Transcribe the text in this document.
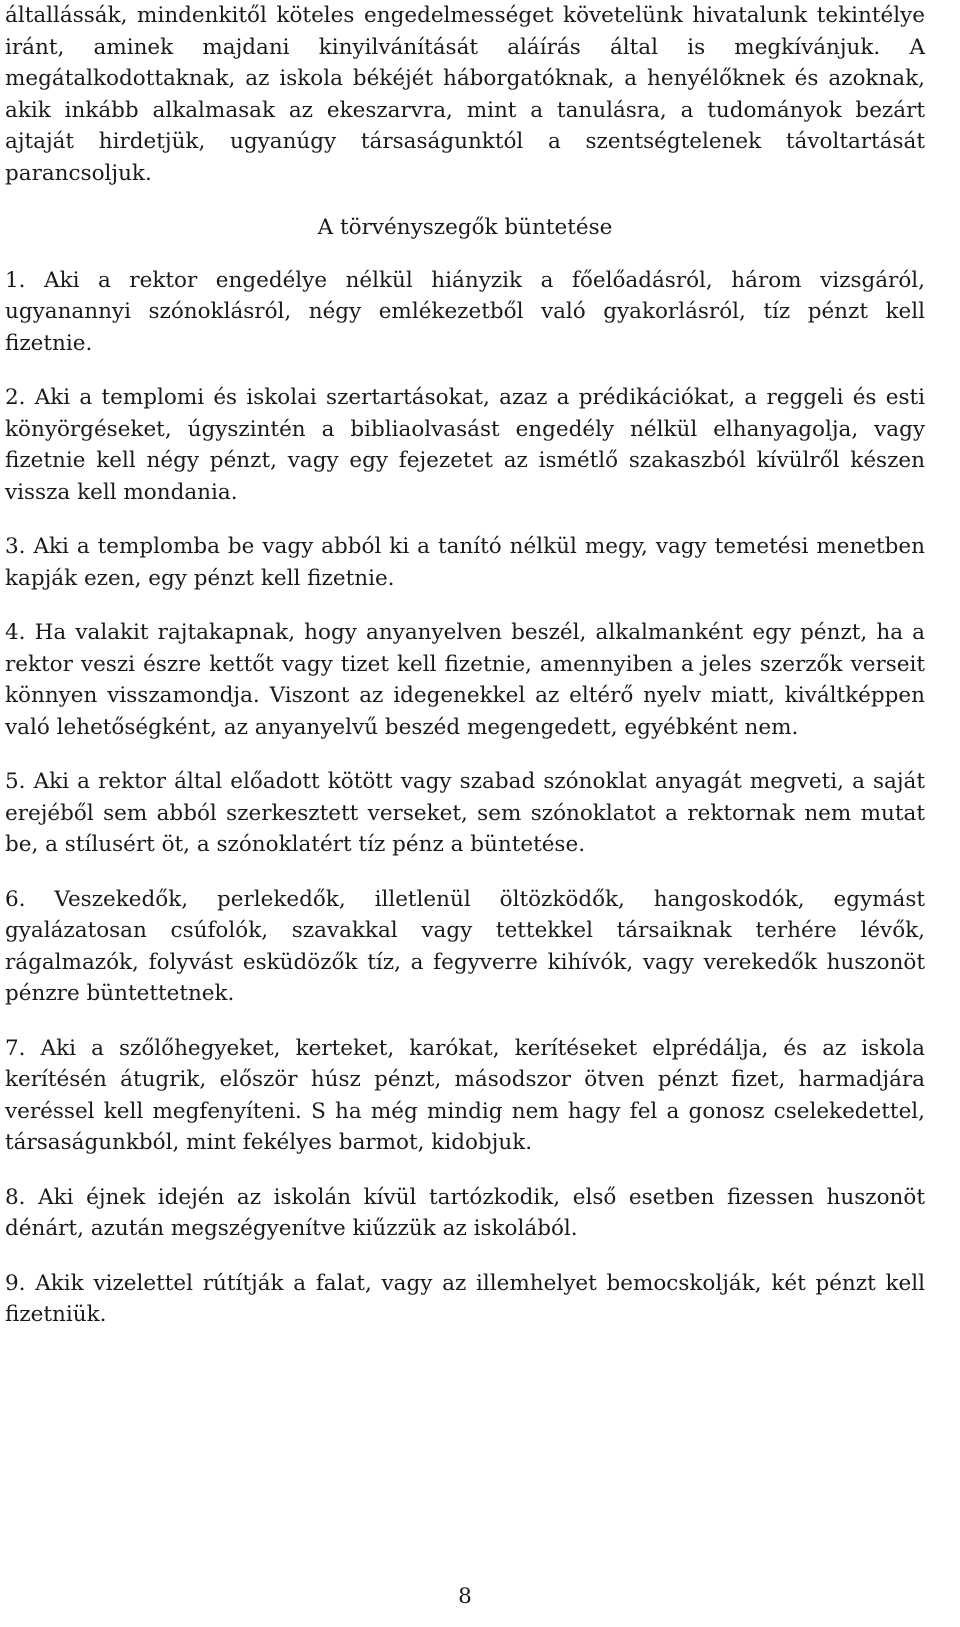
általlássák, mindenkitől köteles engedelmességet követelünk hivatalunk tekintélye iránt, aminek majdani kinyilvánítását aláírás által is megkívánjuk. A megátalkodottaknak, az iskola békéjét háborgatóknak, a henyélőknek és azoknak, akik inkább alkalmasak az ekeszarvra, mint a tanulásra, a tudományok bezárt ajtaját hirdetjük, ugyanúgy társaságunktól a szentségtelenek távoltartását parancsoljuk.

A törvényszegők büntetése

1. Aki a rektor engedélye nélkül hiányzik a főelőadásról, három vizsgáról, ugyanannyi szónoklásról, négy emlékezetből való gyakorlásról, tíz pénzt kell fizetnie.

2. Aki a templomi és iskolai szertartásokat, azaz a prédikációkat, a reggeli és esti könyörgéseket, úgyszintén a bibliaolvasást engedély nélkül elhanyagolja, vagy fizetnie kell négy pénzt, vagy egy fejezetet az ismétlő szakaszból kívülről készen vissza kell mondania.

3. Aki a templomba be vagy abból ki a tanító nélkül megy, vagy temetési menetben kapják ezen, egy pénzt kell fizetnie.

4. Ha valakit rajtakapnak, hogy anyanyelven beszél, alkalmanként egy pénzt, ha a rektor veszi észre kettőt vagy tizet kell fizetnie, amennyiben a jeles szerzők verseit könnyen visszamondja. Viszont az idegenekkel az eltérő nyelv miatt, kiváltképpen való lehetőségként, az anyanyelvű beszéd megengedett, egyébként nem.

5. Aki a rektor által előadott kötött vagy szabad szónoklat anyagát megveti, a saját erejéből sem abból szerkesztett verseket, sem szónoklatot a rektornak nem mutat be, a stílusért öt, a szónoklatért tíz pénz a büntetése.

6. Veszekedők, perlekedők, illetlenül öltözködők, hangoskodók, egymást gyalázatosan csúfolók, szavakkal vagy tettekkel társaiknak terhére lévők, rágalmazók, folyvást esküdözők tíz, a fegyverre kihívók, vagy verekedők huszonöt pénzre büntettetnek.

7. Aki a szőlőhegyeket, kerteket, karókat, kerítéseket elprédálja, és az iskola kerítésén átugrik, először húsz pénzt, másodszor ötven pénzt fizet, harmadjára veréssel kell megfenyíteni. S ha még mindig nem hagy fel a gonosz cselekedettel, társaságunkból, mint fekélyes barmot, kidobjuk.

8. Aki éjnek idején az iskolán kívül tartózkodik, első esetben fizessen huszonöt dénárt, azután megszégyenítve kiűzzük az iskolából.

9. Akik vizelettel rútítják a falat, vagy az illemhelyet bemocskolják, két pénzt kell fizetniük.

8
